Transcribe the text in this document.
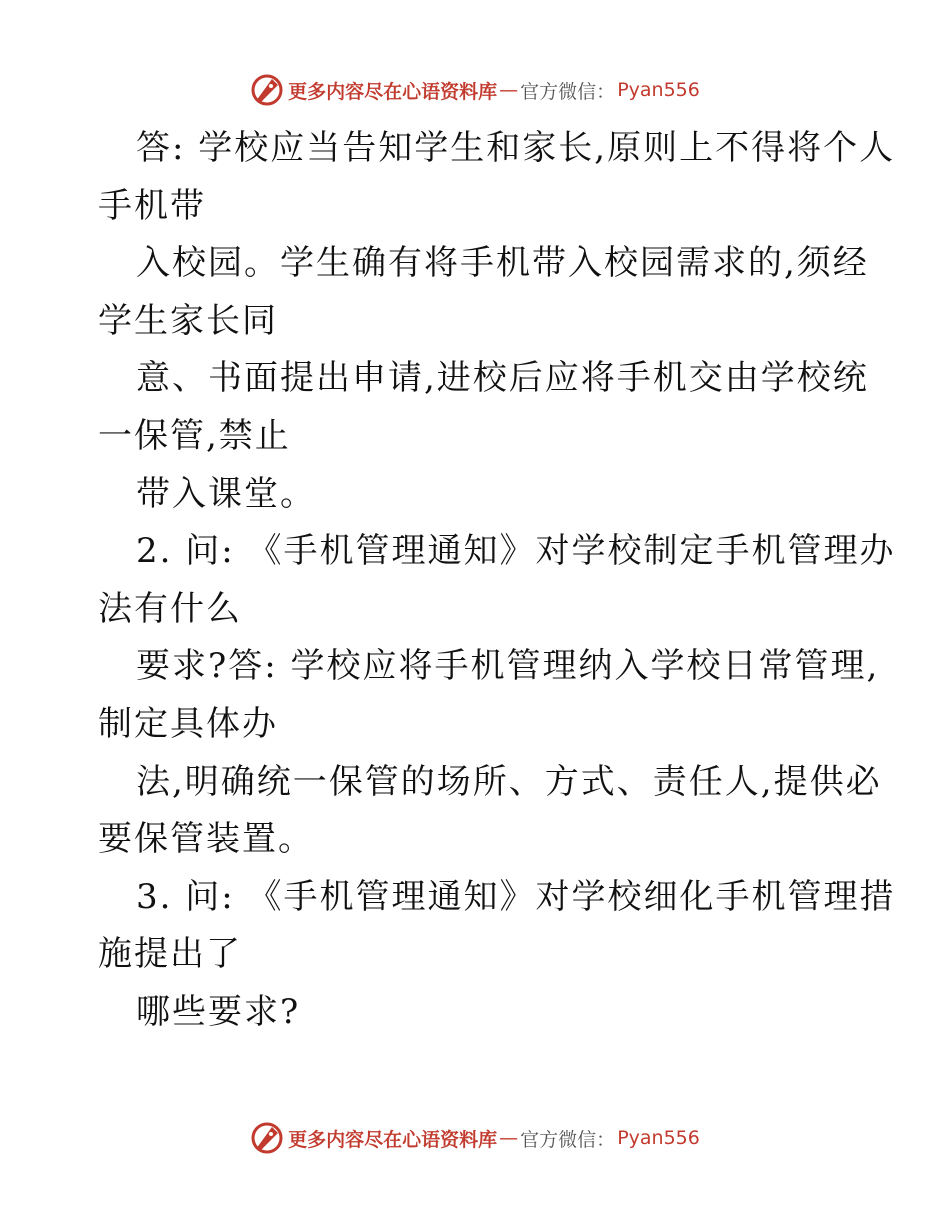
更多内容尽在心语资料库 — 官方微信： Pyan556
答: 学校应当告知学生和家长,原则上不得将个人
手机带
入校园。学生确有将手机带入校园需求的,须经
学生家长同
意、书面提出申请,进校后应将手机交由学校统
一保管,禁止
带入课堂。
2. 问: 《手机管理通知》对学校制定手机管理办
法有什么
要求?答: 学校应将手机管理纳入学校日常管理,
制定具体办
法,明确统一保管的场所、方式、责任人,提供必
要保管装置。
3. 问: 《手机管理通知》对学校细化手机管理措
施提出了
哪些要求?
更多内容尽在心语资料库 — 官方微信： Pyan556
